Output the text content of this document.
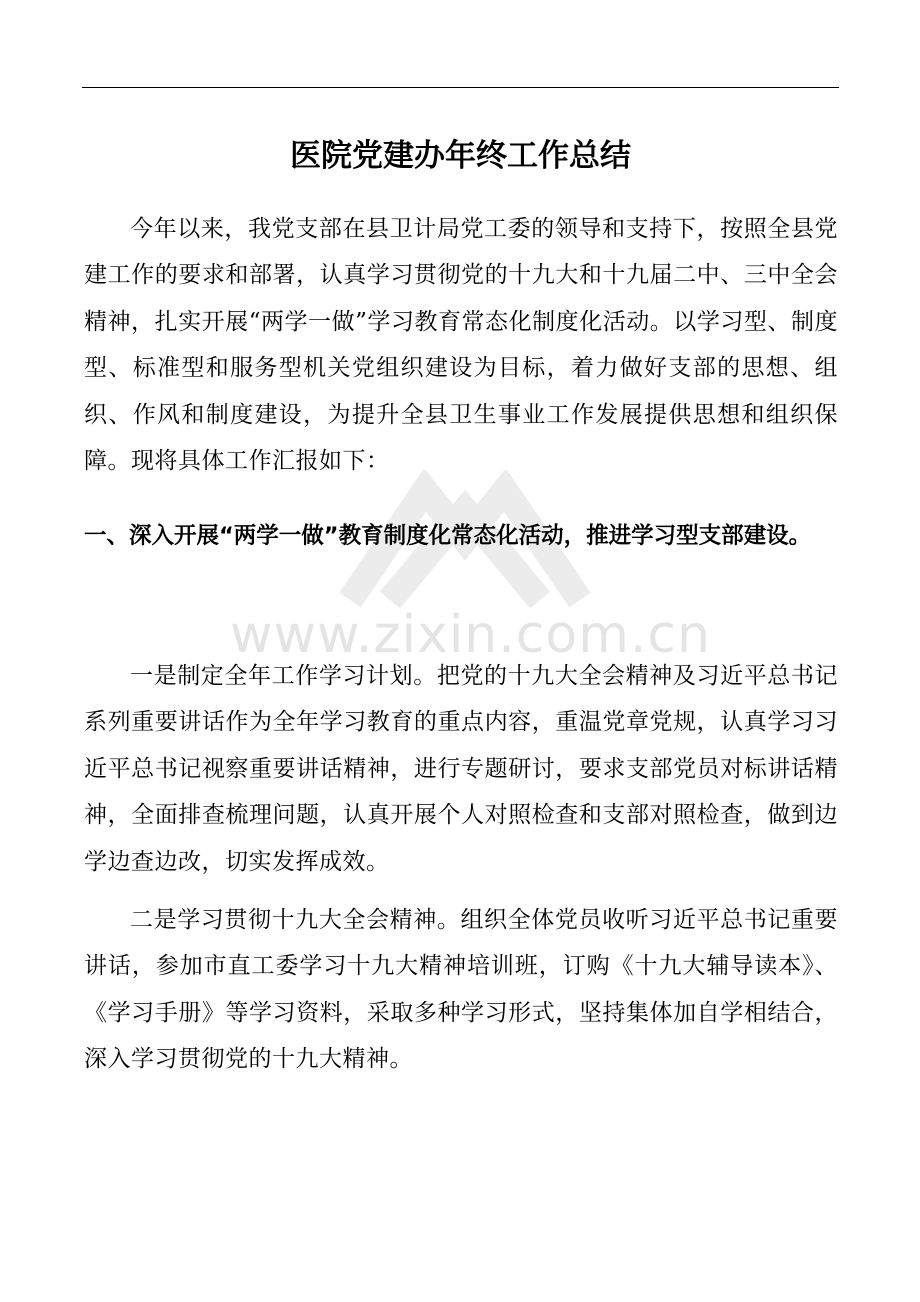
www.zixin.com.cn
医院党建办年终工作总结

今年以来，我党支部在县卫计局党工委的领导和支持下，按照全县党建工作的要求和部署，认真学习贯彻党的十九大和十九届二中、三中全会精神，扎实开展“两学一做”学习教育常态化制度化活动。以学习型、制度型、标准型和服务型机关党组织建设为目标，着力做好支部的思想、组织、作风和制度建设，为提升全县卫生事业工作发展提供思想和组织保障。现将具体工作汇报如下：

一、深入开展“两学一做”教育制度化常态化活动，推进学习型支部建设。

一是制定全年工作学习计划。把党的十九大全会精神及习近平总书记系列重要讲话作为全年学习教育的重点内容，重温党章党规，认真学习习近平总书记视察重要讲话精神，进行专题研讨，要求支部党员对标讲话精神，全面排查梳理问题，认真开展个人对照检查和支部对照检查，做到边学边查边改，切实发挥成效。

二是学习贯彻十九大全会精神。组织全体党员收听习近平总书记重要讲话，参加市直工委学习十九大精神培训班，订购《十九大辅导读本》、《学习手册》等学习资料，采取多种学习形式，坚持集体加自学相结合，深入学习贯彻党的十九大精神。
